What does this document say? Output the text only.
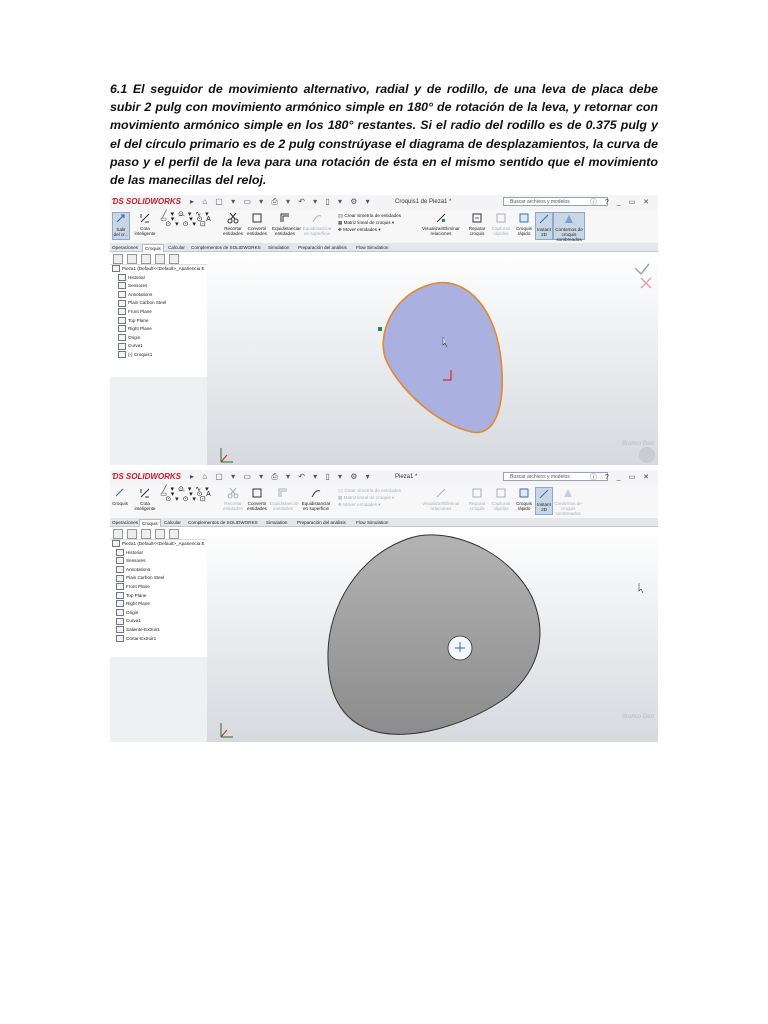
6.1 El seguidor de movimiento alternativo, radial y de rodillo, de una leva de placa debe subir 2 pulg con movimiento armónico simple en 180° de rotación de la leva, y retornar con movimiento armónico simple en los 180° restantes. Si el radio del rodillo es de 0.375 pulg y el del círculo primario es de 2 pulg constrúyase el diagrama de desplazamientos, la curva de paso y el perfil de la leva para una rotación de ésta en el mismo sentido que el movimiento de las manecillas del reloj.

ƊS SOLIDWORKS ▸ ⌂ ▢ ▾ ▭ ▾ ⎙ ▾ ↶ ▾ ▯ ▾ ⚙ ▾	Croquis1 de Pieza1 *	Buscar archivos y modelos	ⓘ ? _ ▭ ✕
Salir del cr...
Cota inteligente
╱ ▾ ⊙ ▾ ∿ ▾
▭ ▾ ⌒ ▾ ⊙ A
⊙ ▾ ⊙ ▾ ⊡
Recortar entidades
Convertir entidades
Equidistanciar entidades
Equidistanciar en superficie
▯▯ Crear simetría de entidades
▦ Matriz lineal de croquis ▾
✥ Mover entidades ▾	Visualizar/Eliminar relaciones
Reparar croquis
Capturas rápidas
Croquis rápido
Instant 2D
Contornos de croquis sombreados
Operaciones	Croquis	Calcular	Complementos de SOLIDWORKS	Simulation	Preparación del análisis	Flow Simulation
Pieza1 (Default<<Default>_Apariencia E
Historial
Sensores
Annotations
Plain Carbon Steel
Front Plane
Top Plane
Right Plane
Origin
Curva1
(-) Croquis1
Bronco Geo
ƊS SOLIDWORKS ▸ ⌂ ▢ ▾ ▭ ▾ ⎙ ▾ ↶ ▾ ▯ ▾ ⚙ ▾	Pieza1 *	Buscar archivos y modelos	ⓘ ? _ ▭ ✕
Croquis	Cota inteligente
╱ ▾ ⊙ ▾ ∿ ▾
▭ ▾ ⌒ ▾ ⊙ A
⊙ ▾ ⊙ ▾ ⊡
Recortar entidades
Convertir entidades
Equidistanciar entidades
Equidistanciar en superficie
▯▯ Crear simetría de entidades
▦ Matriz lineal de croquis ▾
✥ Mover entidades ▾	Visualizar/Eliminar relaciones
Reparar croquis
Capturas rápidas
Croquis rápido
Instant 2D
Contornos de croquis sombreados
Operaciones Croquis	Calcular	Complementos de SOLIDWORKS	Simulation	Preparación del análisis	Flow Simulation
Pieza1 (Default<<Default>_Apariencia E
Historial
Sensores
Annotations
Plain Carbon Steel
Front Plane
Top Plane
Right Plane
Origin
Curva1
Saliente-Extruir1
Cortar-Extruir1
Bronco Geo
